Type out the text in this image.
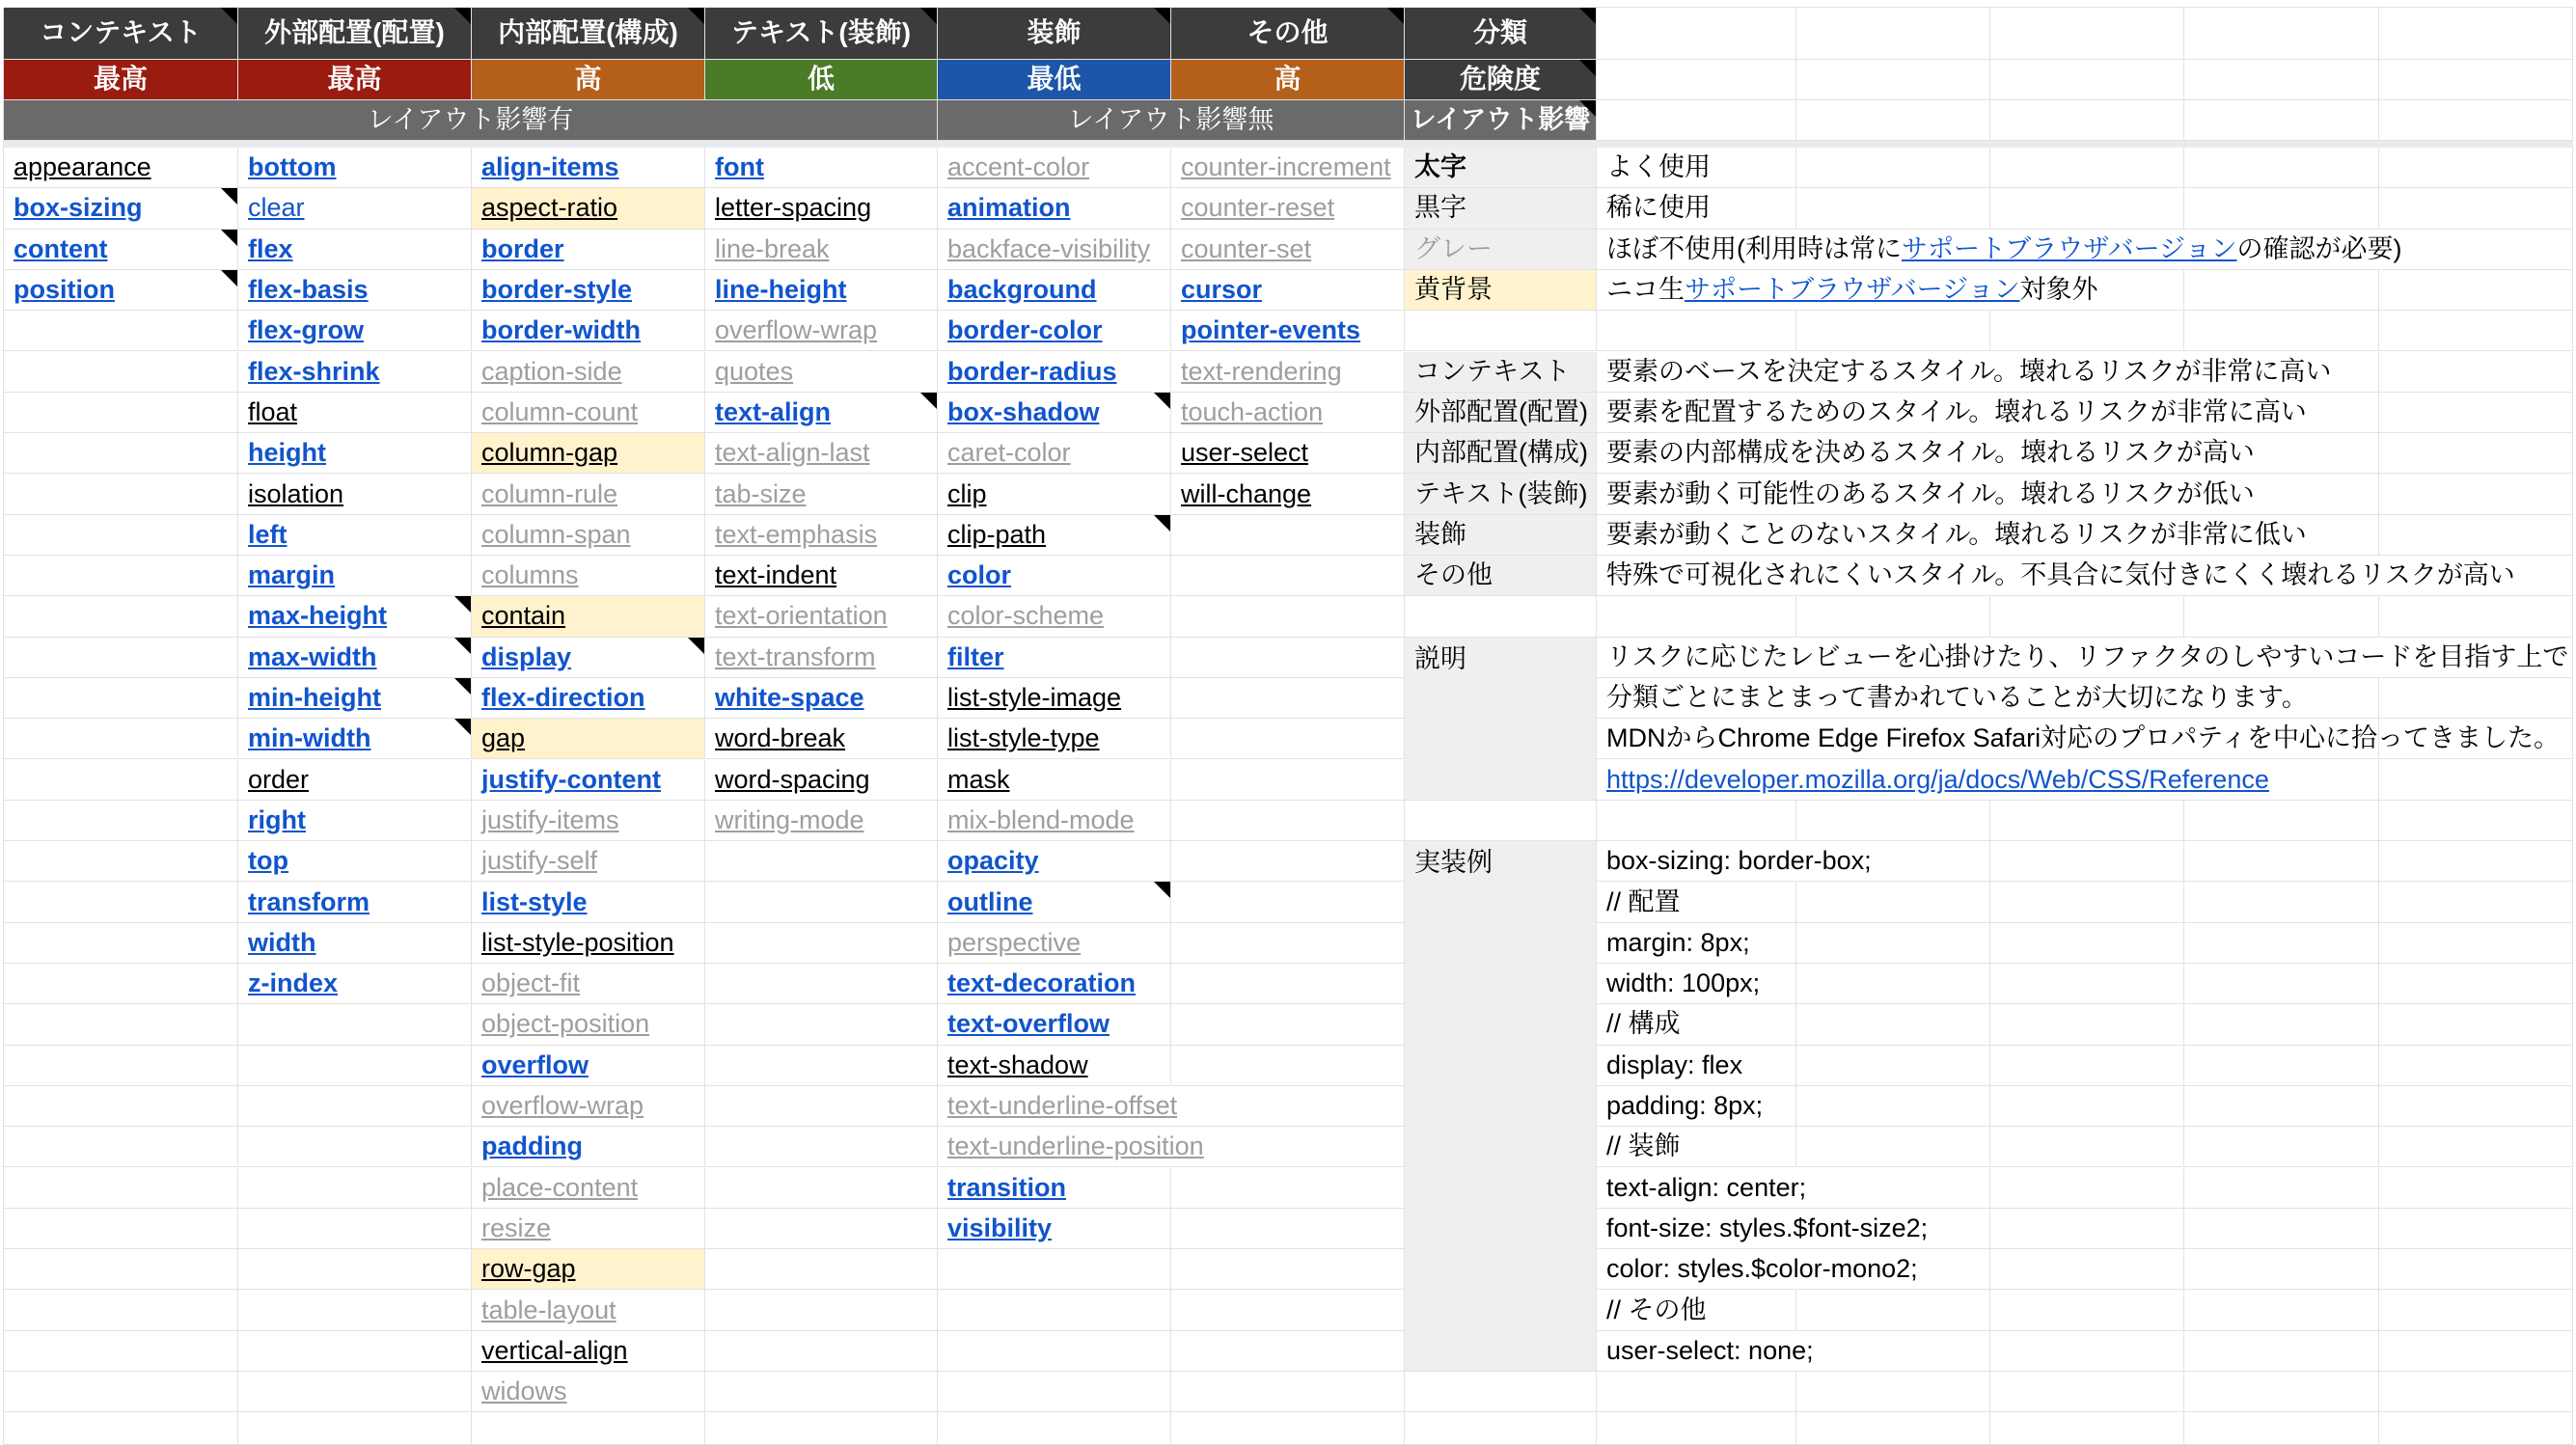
コンテキスト
最高
外部配置(配置)
最高
内部配置(構成)
高
テキスト(装飾)
低
装飾
最低
その他
高
分類
危険度
レイアウト影響有	レイアウト影響無	レイアウト影響
appearance
box-sizing
content
position
bottom
clear
flex
flex-basis
flex-grow
flex-shrink
float
height
isolation
left
margin
max-height
max-width
min-height
min-width
order
right
top
transform
width
z-index
align-items
aspect-ratio
border
border-style
border-width
caption-side
column-count
column-gap
column-rule
column-span
columns
contain
display
flex-direction
gap
justify-content
justify-items
justify-self
list-style
list-style-position
object-fit
object-position
overflow
overflow-wrap
padding
place-content
resize
row-gap
table-layout
vertical-align
widows
font
letter-spacing
line-break
line-height
overflow-wrap
quotes
text-align
text-align-last
tab-size
text-emphasis
text-indent
text-orientation
text-transform
white-space
word-break
word-spacing
writing-mode
accent-color
animation
backface-visibility
background
border-color
border-radius
box-shadow
caret-color
clip
clip-path
color
color-scheme
filter
list-style-image
list-style-type
mask
mix-blend-mode
opacity
outline
perspective
text-decoration
text-overflow
text-shadow
text-underline-offset
text-underline-position
transition
visibility
counter-increment
counter-reset
counter-set
cursor
pointer-events
text-rendering
touch-action
user-select
will-change
太字
黒字
グレー
黄背景
コンテキスト
外部配置(配置)
内部配置(構成)
テキスト(装飾)
装飾
その他
説明
実装例
よく使用
稀に使用
ほぼ不使用(利用時は常に サポートブラウザバージョン の確認が必要)
ニコ生 サポートブラウザバージョン 対象外
要素のベースを決定するスタイル。壊れるリスクが非常に高い
要素を配置するためのスタイル。壊れるリスクが非常に高い
要素の内部構成を決めるスタイル。壊れるリスクが高い
要素が動く可能性のあるスタイル。壊れるリスクが低い
要素が動くことのないスタイル。壊れるリスクが非常に低い
特殊で可視化されにくいスタイル。不具合に気付きにくく壊れるリスクが高い
リスクに応じたレビューを心掛けたり、リファクタのしやすいコードを目指す上で
分類ごとにまとまって書かれていることが大切になります。
MDNからChrome Edge Firefox Safari対応のプロパティを中心に拾ってきました。
https://developer.mozilla.org/ja/docs/Web/CSS/Reference
box-sizing: border-box;
// 配置
margin: 8px;
width: 100px;
// 構成
display: flex
padding: 8px;
// 装飾
text-align: center;
font-size: styles.$font-size2;
color: styles.$color-mono2;
// その他
user-select: none;
